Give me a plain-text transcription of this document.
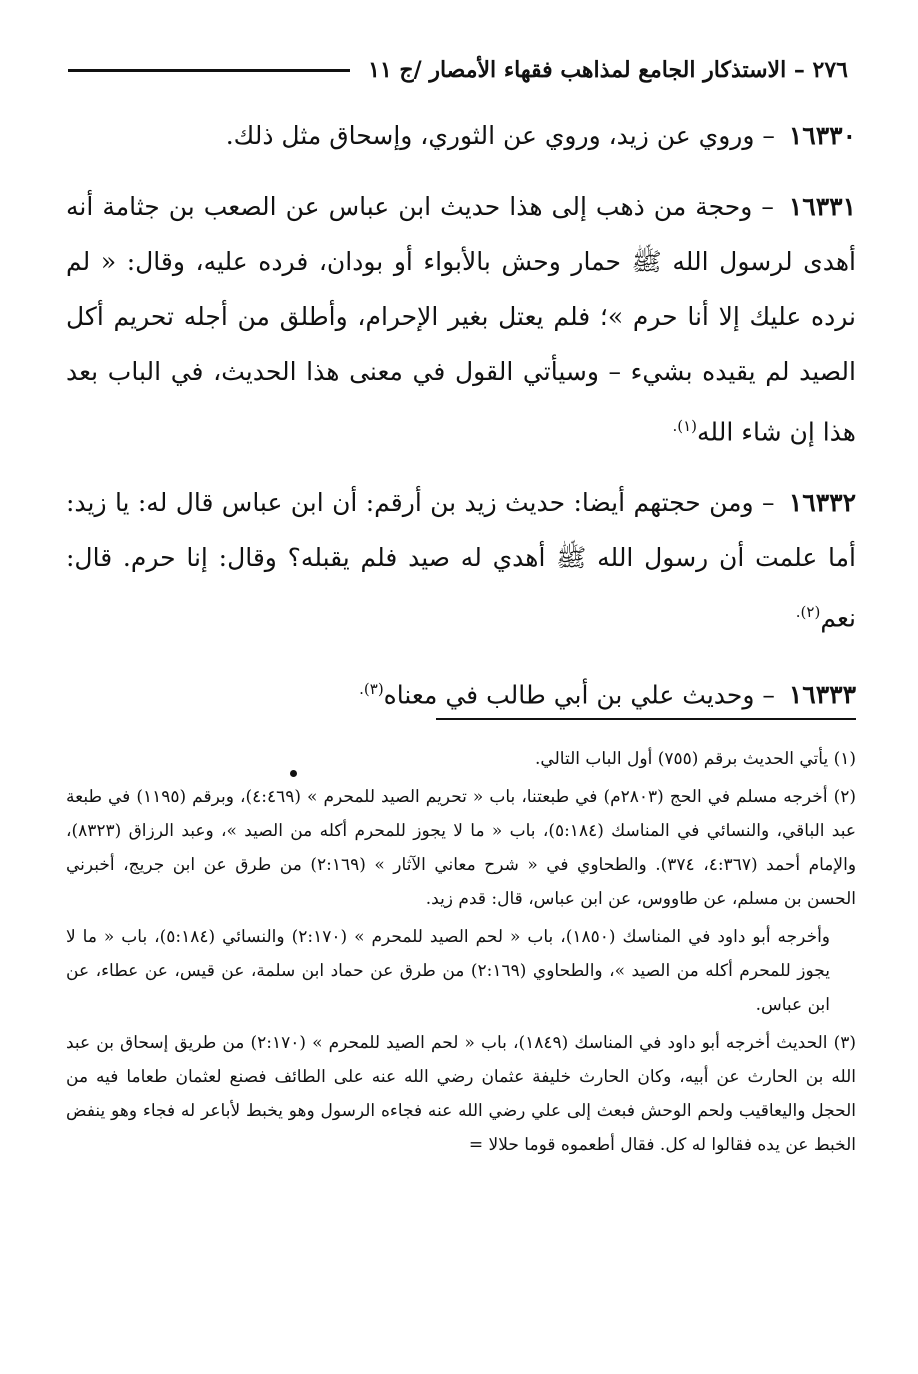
٢٧٦ – الاستذكار الجامع لمذاهب فقهاء الأمصار /ج ١١

١٦٣٣٠ – وروي عن زيد، وروي عن الثوري، وإسحاق مثل ذلك.

١٦٣٣١ – وحجة من ذهب إلى هذا حديث ابن عباس عن الصعب بن جثامة أنه أهدى لرسول الله ﷺ حمار وحش بالأبواء أو بودان، فرده عليه، وقال: « لم نرده عليك إلا أنا حرم »؛ فلم يعتل بغير الإحرام، وأطلق من أجله تحريم أكل الصيد لم يقيده بشيء – وسيأتي القول في معنى هذا الحديث، في الباب بعد هذا إن شاء الله$^{(١).}$

١٦٣٣٢ – ومن حجتهم أيضا: حديث زيد بن أرقم: أن ابن عباس قال له: يا زيد: أما علمت أن رسول الله ﷺ أهدي له صيد فلم يقبله؟ وقال: إنا حرم. قال: نعم$^{(٢).}$

١٦٣٣٣ – وحديث علي بن أبي طالب في معناه$^{(٣).}$

(١) يأتي الحديث برقم (٧٥٥) أول الباب التالي.

(٢) أخرجه مسلم في الحج (٢٨٠٣م) في طبعتنا، باب « تحريم الصيد للمحرم » (٤:٤٦٩)، وبرقم (١١٩٥) في طبعة عبد الباقي، والنسائي في المناسك (٥:١٨٤)، باب « ما لا يجوز للمحرم أكله من الصيد »، وعبد الرزاق (٨٣٢٣)، والإمام أحمد (٤:٣٦٧، ٣٧٤). والطحاوي في « شرح معاني الآثار » (٢:١٦٩) من طرق عن ابن جريج، أخبرني الحسن بن مسلم، عن طاووس، عن ابن عباس، قال: قدم زيد.

وأخرجه أبو داود في المناسك (١٨٥٠)، باب « لحم الصيد للمحرم » (٢:١٧٠) والنسائي (٥:١٨٤)، باب « ما لا يجوز للمحرم أكله من الصيد »، والطحاوي (٢:١٦٩) من طرق عن حماد ابن سلمة، عن قيس، عن عطاء، عن ابن عباس.

(٣) الحديث أخرجه أبو داود في المناسك (١٨٤٩)، باب « لحم الصيد للمحرم » (٢:١٧٠) من طريق إسحاق بن عبد الله بن الحارث عن أبيه، وكان الحارث خليفة عثمان رضي الله عنه على الطائف فصنع لعثمان طعاما فيه من الحجل واليعاقيب ولحم الوحش فبعث إلى علي رضي الله عنه فجاءه الرسول وهو يخبط لأباعر له فجاء وهو ينفض الخبط عن يده فقالوا له كل. فقال أطعموه قوما حلالا =
